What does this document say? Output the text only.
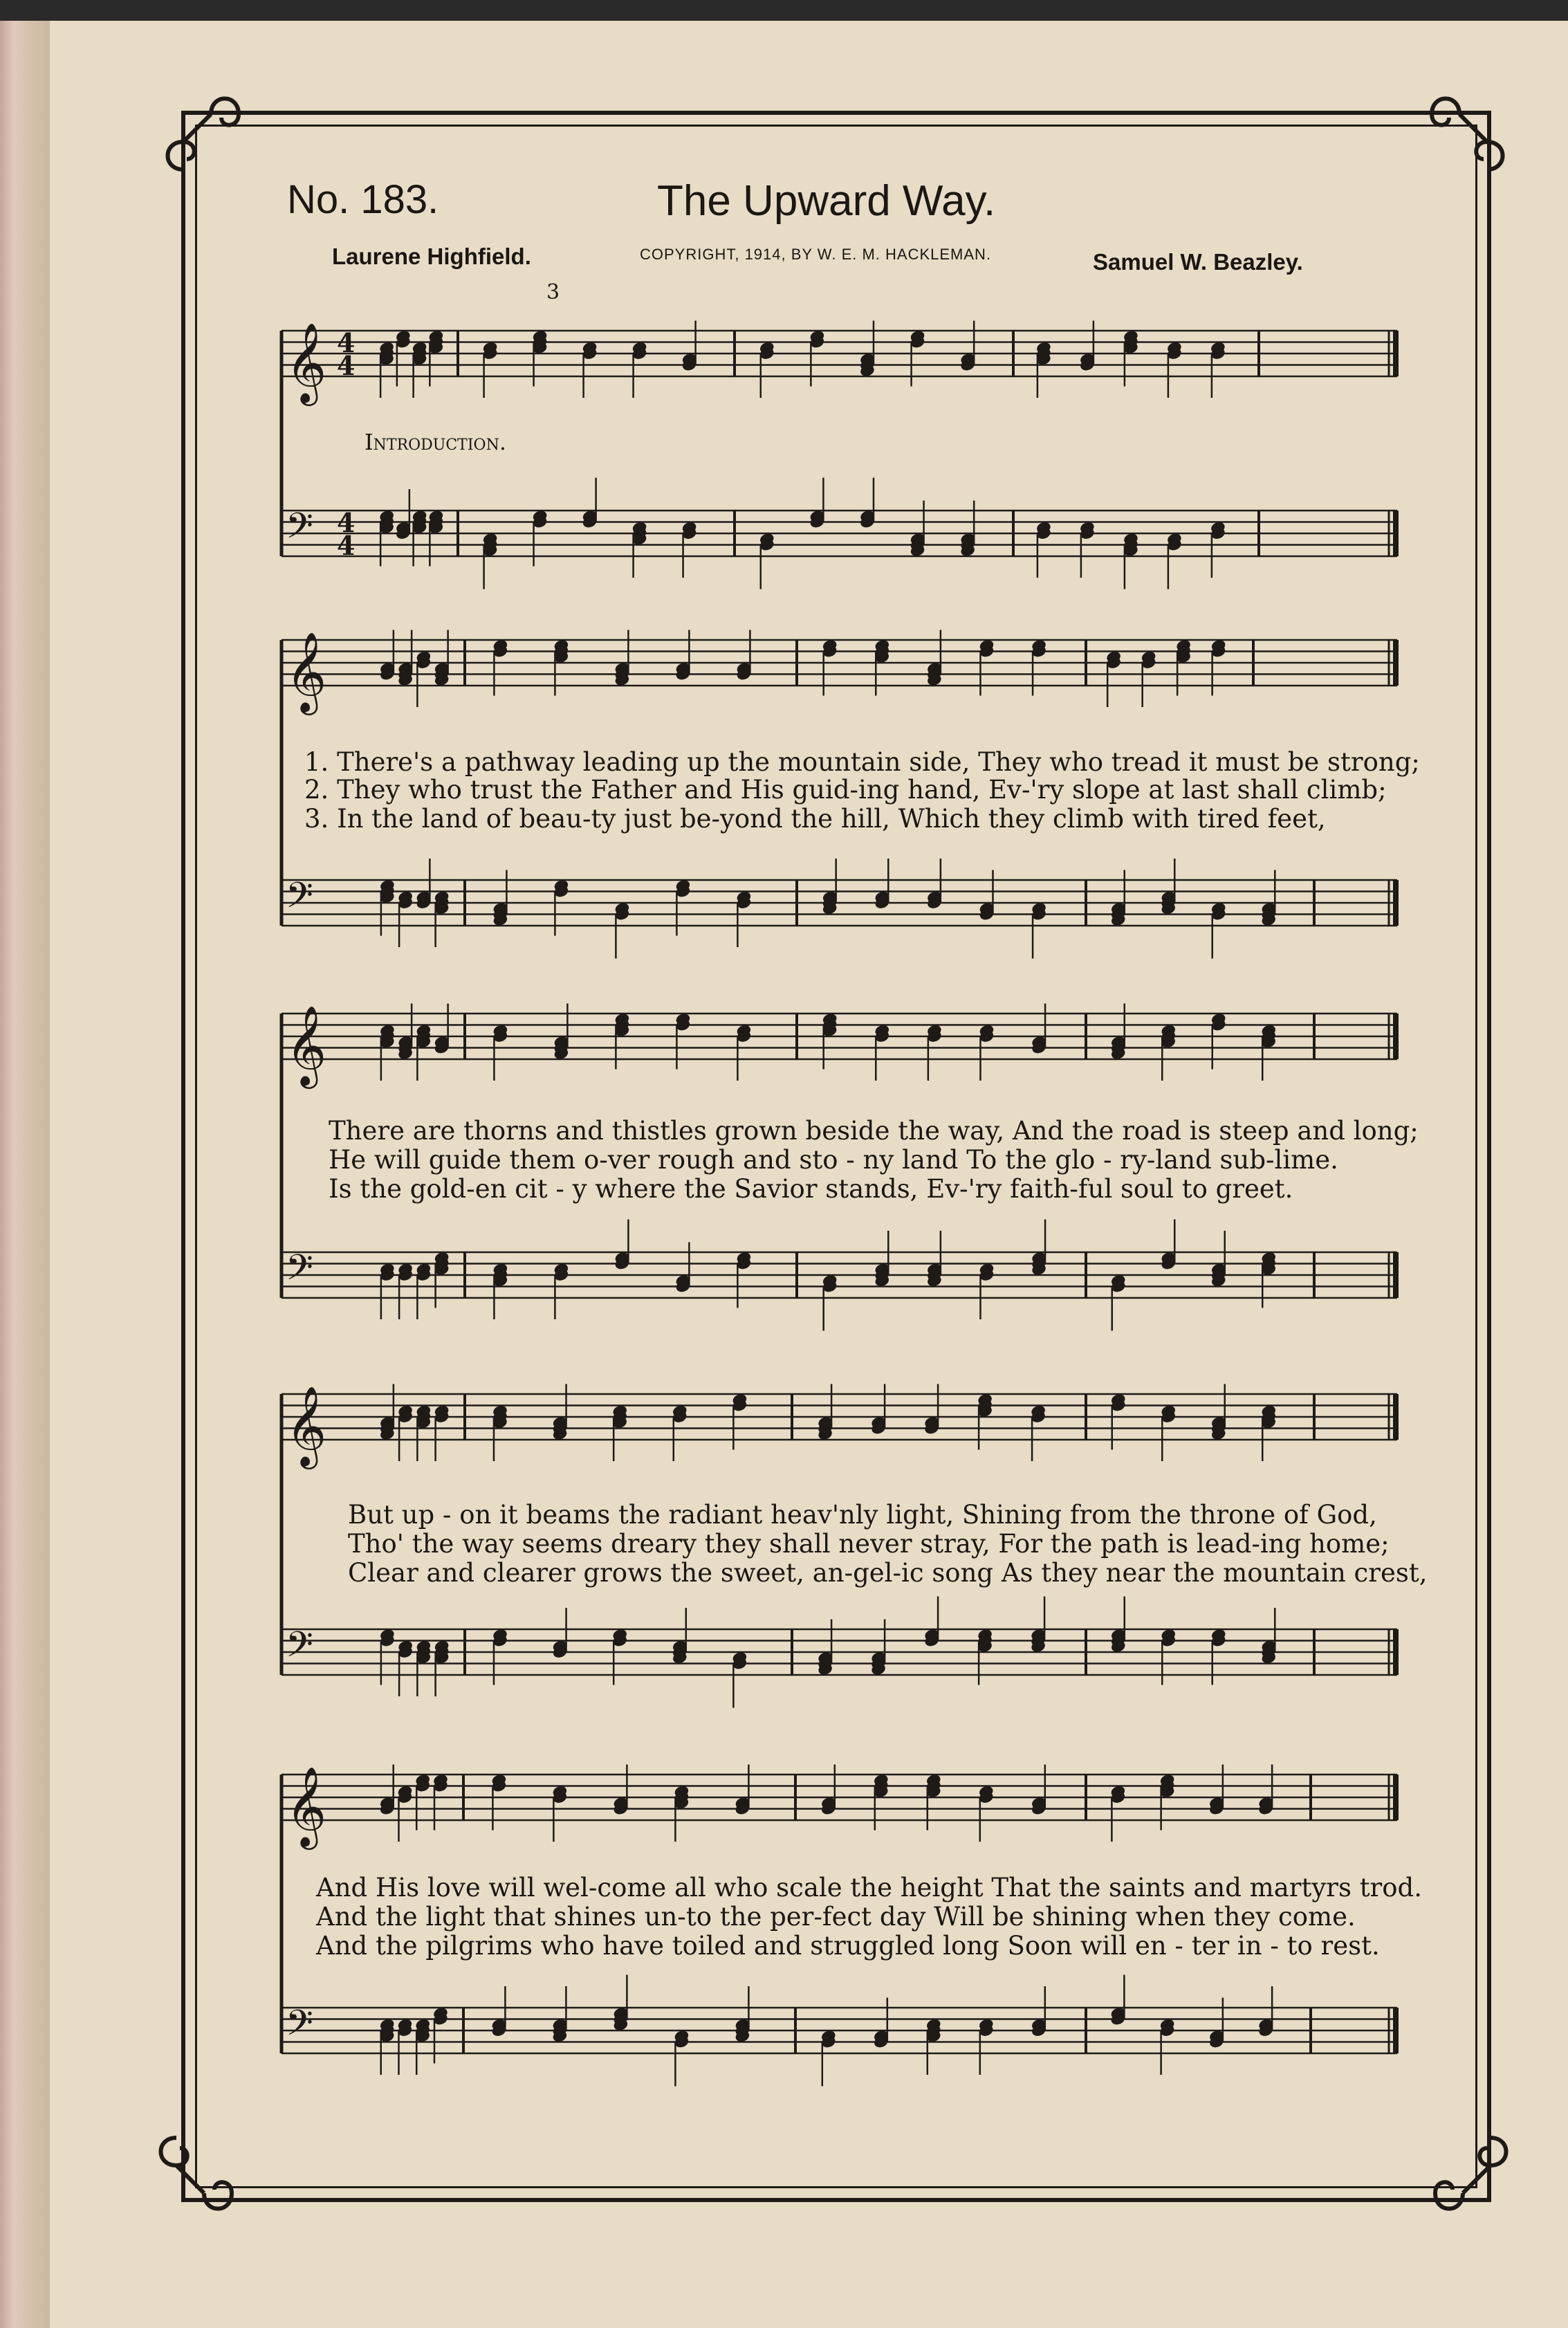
No. 183.	The Upward Way.
Laurene Highfield.	COPYRIGHT, 1914, BY W. E. M. HACKLEMAN.	Samuel W. Beazley.
Introduction.
𝄞 4
4
𝄢 4
4
𝄞
𝄢
𝄞
𝄢
𝄞
𝄢
𝄞
𝄢
3
1. There's a pathway leading up the mountain side, They who tread it must be strong;
2. They who trust the Father and His guid-ing hand, Ev-'ry slope at last shall climb;
3. In the land of beau-ty just be-yond the hill, Which they climb with tired feet,
There are thorns and thistles grown beside the way, And the road is steep and long;
He will guide them o-ver rough and sto - ny land To the glo - ry-land sub-lime.
Is the gold-en cit - y where the Savior stands, Ev-'ry faith-ful soul to greet.
But up - on it beams the radiant heav'nly light, Shining from the throne of God,
Tho' the way seems dreary they shall never stray, For the path is lead-ing home;
Clear and clearer grows the sweet, an-gel-ic song As they near the mountain crest,
And His love will wel-come all who scale the height That the saints and martyrs trod.
And the light that shines un-to the per-fect day Will be shining when they come.
And the pilgrims who have toiled and struggled long Soon will en - ter in - to rest.
